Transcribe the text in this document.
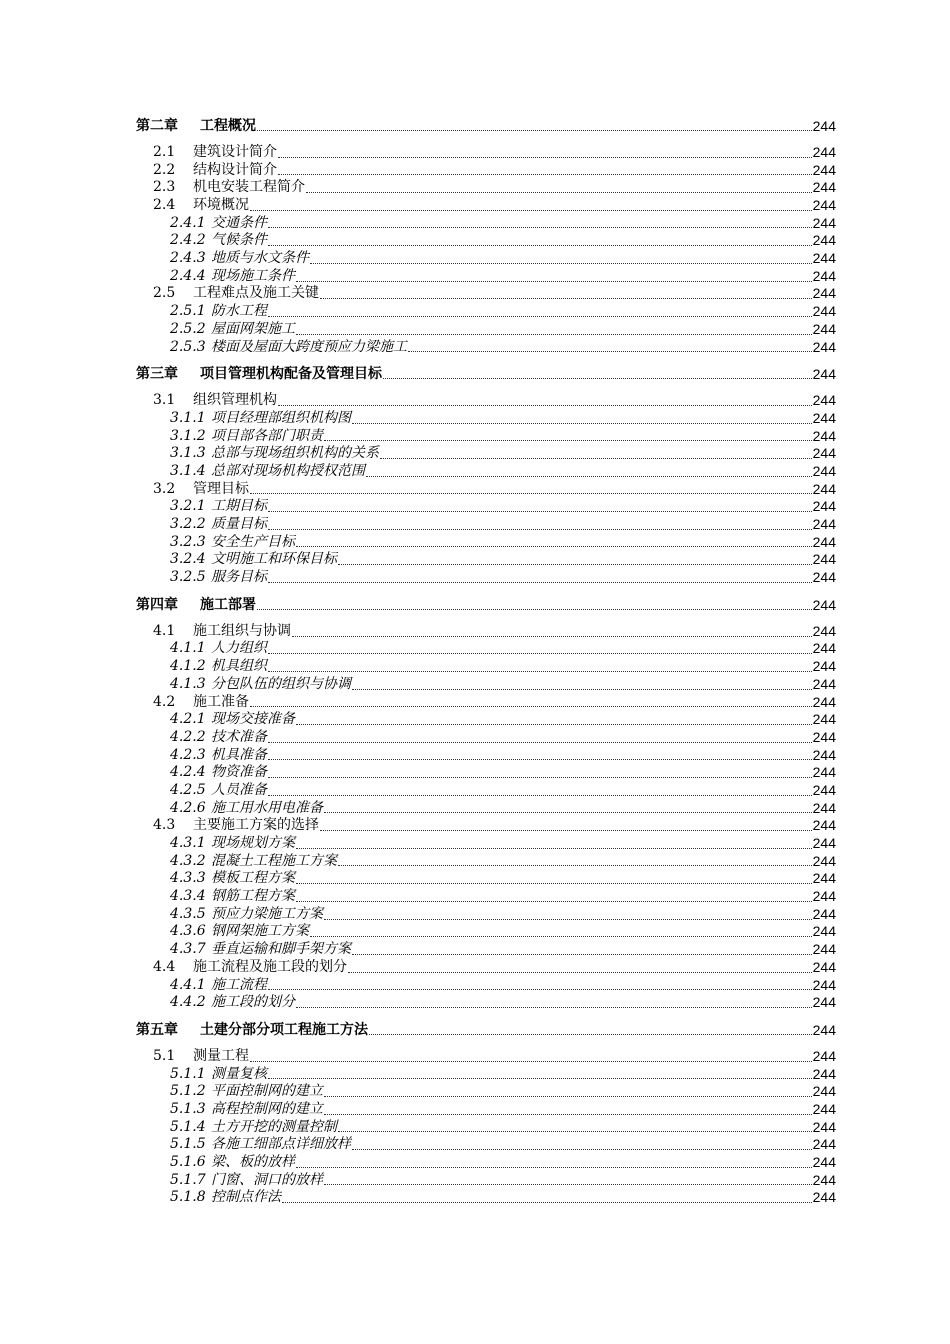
第二章 工程概况	244
2.1 建筑设计简介	244
2.2 结构设计简介	244
2.3 机电安装工程简介	244
2.4 环境概况	244
2.4.1 交通条件	244
2.4.2 气候条件	244
2.4.3 地质与水文条件	244
2.4.4 现场施工条件	244
2.5 工程难点及施工关键	244
2.5.1 防水工程	244
2.5.2 屋面网架施工	244
2.5.3 楼面及屋面大跨度预应力梁施工	244
第三章 项目管理机构配备及管理目标	244
3.1 组织管理机构	244
3.1.1 项目经理部组织机构图	244
3.1.2 项目部各部门职责	244
3.1.3 总部与现场组织机构的关系	244
3.1.4 总部对现场机构授权范围	244
3.2 管理目标	244
3.2.1 工期目标	244
3.2.2 质量目标	244
3.2.3 安全生产目标	244
3.2.4 文明施工和环保目标	244
3.2.5 服务目标	244
第四章 施工部署	244
4.1 施工组织与协调	244
4.1.1 人力组织	244
4.1.2 机具组织	244
4.1.3 分包队伍的组织与协调	244
4.2 施工准备	244
4.2.1 现场交接准备	244
4.2.2 技术准备	244
4.2.3 机具准备	244
4.2.4 物资准备	244
4.2.5 人员准备	244
4.2.6 施工用水用电准备	244
4.3 主要施工方案的选择	244
4.3.1 现场规划方案	244
4.3.2 混凝土工程施工方案	244
4.3.3 模板工程方案	244
4.3.4 钢筋工程方案	244
4.3.5 预应力梁施工方案	244
4.3.6 钢网架施工方案	244
4.3.7 垂直运输和脚手架方案	244
4.4 施工流程及施工段的划分	244
4.4.1 施工流程	244
4.4.2 施工段的划分	244
第五章 土建分部分项工程施工方法	244
5.1 测量工程	244
5.1.1 测量复核	244
5.1.2 平面控制网的建立	244
5.1.3 高程控制网的建立	244
5.1.4 土方开挖的测量控制	244
5.1.5 各施工细部点详细放样	244
5.1.6 梁、板的放样	244
5.1.7 门窗、洞口的放样	244
5.1.8 控制点作法	244
